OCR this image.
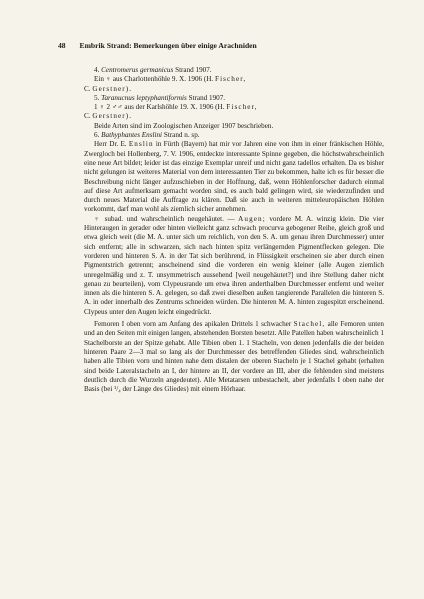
48 Embrik Strand: Bemerkungen über einige Arachniden

4. Centromerus germanicus Strand 1907.

Ein ♀ aus Charlottenhöhle 9. X. 1906 (H. Fischer,

C. Gerstner).

5. Taranucnus leptyphantiformis Strand 1907.

1 ♀ 2 ♂♂ aus der Karlshöhle 19. X. 1906 (H. Fischer,

C. Gerstner).

Beide Arten sind im Zoologischen Anzeiger 1907 beschrieben.

6. Bathyphantes Enslini Strand n. sp.

Herr Dr. E. Enslin in Fürth (Bayern) hat mir vor Jahren eine von ihm in einer fränkischen Höhle, Zwergloch bei Hollenberg, 7. V. 1906, entdeckte interessante Spinne gegeben, die höchstwahrscheinlich eine neue Art bildet; leider ist das einzige Exemplar unreif und nicht ganz tadellos erhalten. Da es bisher nicht gelungen ist weiteres Material von dem interessanten Tier zu bekommen, halte ich es für besser die Beschreibung nicht länger aufzuschieben in der Hoffnung, daß, wenn Höhlenforscher dadurch einmal auf diese Art aufmerksam gemacht worden sind, es auch bald gelingen wird, sie wiederzufinden und durch neues Material die Auffrage zu klären. Daß sie auch in weiteren mitteleuropäischen Höhlen vorkommt, darf man wohl als ziemlich sicher annehmen.

♀ subad. und wahrscheinlich neugehäutet. — Augen; vordere M. A. winzig klein. Die vier Hinteraugen in gerader oder hinten vielleicht ganz schwach procurva gebogener Reihe, gleich groß und etwa gleich weit (die M. A. unter sich um reichlich, von den S. A. um genau ihren Durchmesser) unter sich entfernt; alle in schwarzen, sich nach hinten spitz verlängernden Pigmentflecken gelegen. Die vorderen und hinteren S. A. in der Tat sich berührend, in Flüssigkeit erscheinen sie aber durch einen Pigmentstrich getrennt; anscheinend sind die vorderen ein wenig kleiner (alle Augen ziemlich unregelmäßig und z. T. unsymmetrisch aussehend [weil neugehäutet?] und ihre Stellung daher nicht genau zu beurteilen), vom Clypeusrande um etwa ihren anderthalben Durchmesser entfernt und weiter innen als die hinteren S. A. gelegen, so daß zwei dieselben außen tangierende Parallelen die hinteren S. A. in oder innerhalb des Zentrums schneiden würden. Die hinteren M. A. hinten zugespitzt erscheinend. Clypeus unter den Augen leicht eingedrückt.

Femoren I oben vorn am Anfang des apikalen Drittels 1 schwacher Stachel, alle Femoren unten und an den Seiten mit einigen langen, abstehenden Borsten besetzt. Alle Patellen haben wahrscheinlich 1 Stachelborste an der Spitze gehabt. Alle Tibien oben 1. 1 Stacheln, von denen jedenfalls die der beiden hinteren Paare 2—3 mal so lang als der Durchmesser des betreffenden Gliedes sind, wahrscheinlich haben alle Tibien vorn und hinten nahe dem distalen der oberen Stacheln je 1 Stachel gehabt (erhalten sind beide Lateralstacheln an I, der hintere an II, der vordere an III, aber die fehlenden sind meistens deutlich durch die Wurzeln angedeutet). Alle Metatarsen unbestachelt, aber jedenfalls I oben nahe der Basis (bei ¹/₄ der Länge des Gliedes) mit einem Hörhaar.
